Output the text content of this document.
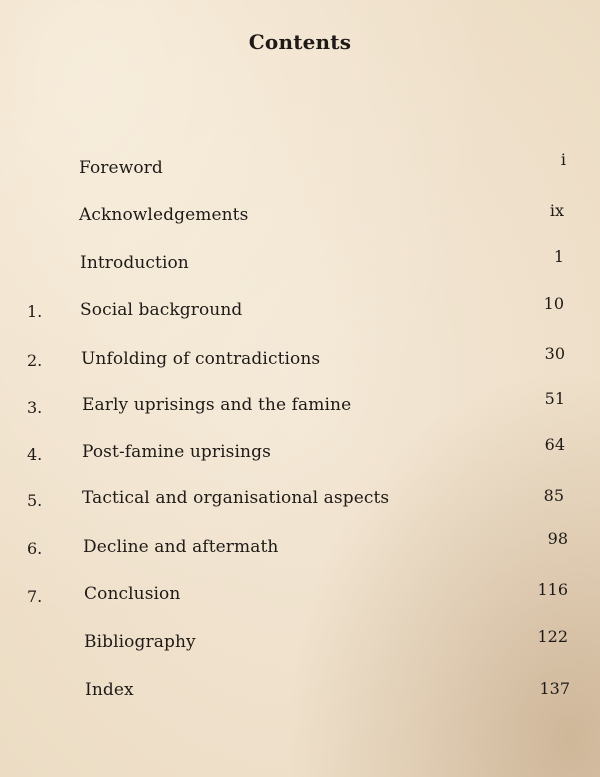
Contents
Foreword	i
Acknowledgements	ix
Introduction	1
1. Social background	10
2. Unfolding of contradictions	30
3. Early uprisings and the famine	51
4. Post-famine uprisings	64
5. Tactical and organisational aspects	85
6. Decline and aftermath	98
7. Conclusion	116
Bibliography	122
Index	137
